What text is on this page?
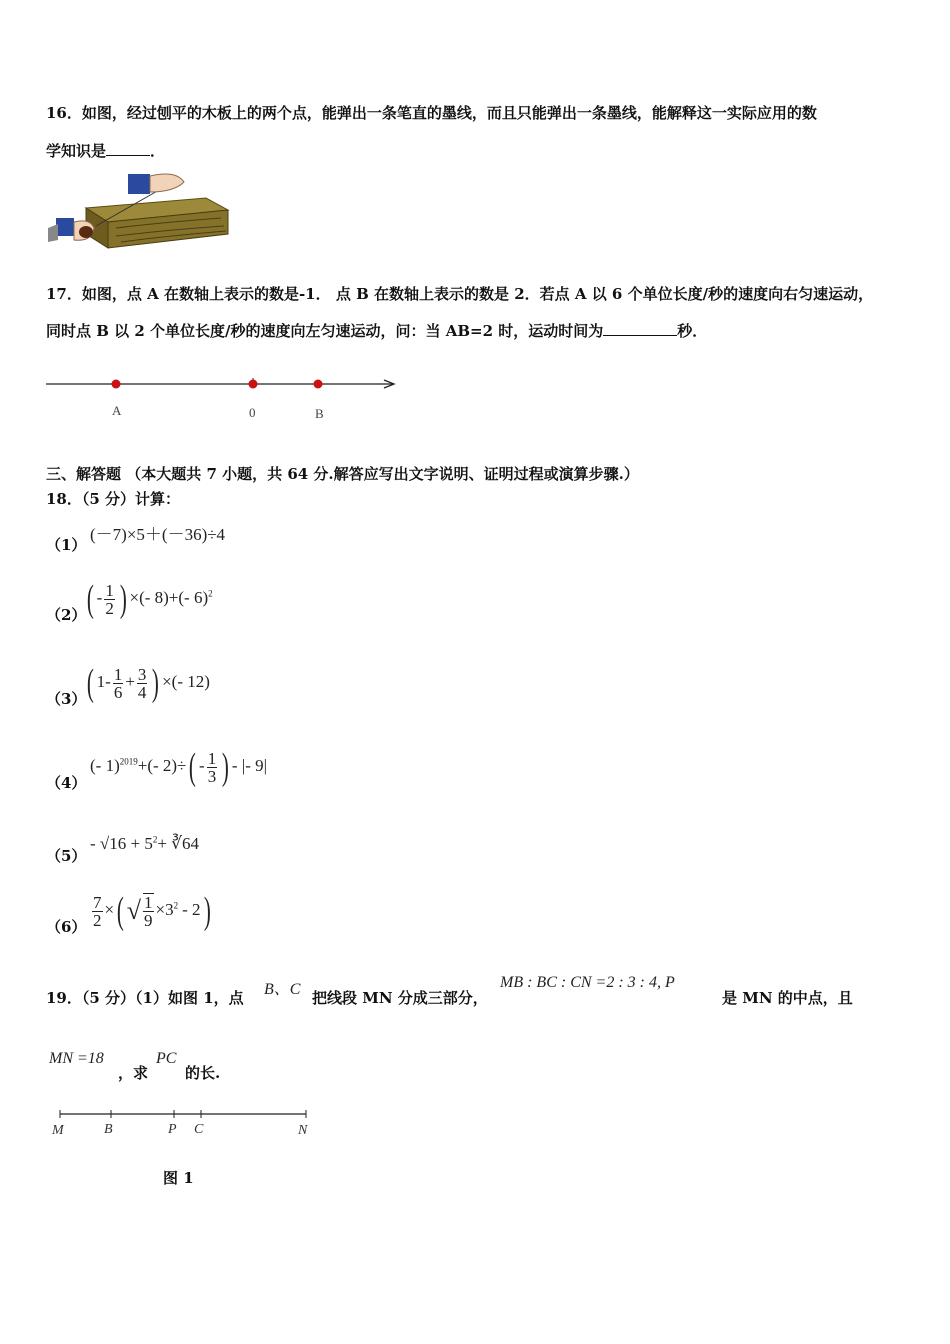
16．如图，经过刨平的木板上的两个点，能弹出一条笔直的墨线，而且只能弹出一条墨线，能解释这一实际应用的数
学知识是	．
17．如图，点 A 在数轴上表示的数是-1． 点 B 在数轴上表示的数是 2．若点 A 以 6 个单位长度/秒的速度向右匀速运动，
同时点 B 以 2 个单位长度/秒的速度向左匀速运动，问：当 AB=2 时，运动时间为	秒．
A	0	B
三、解答题 （本大题共 7 小题，共 64 分.解答应写出文字说明、证明过程或演算步骤.）
18．（5 分）计算：
（1）
(－7)×5＋(－36)÷4
（2） ( - $\frac{1}{2}$ ) ×(- 8)+(- 6)$^2$
（3） ( $1- \frac{1}{6} + \frac{3}{4}$ ) ×(- 12)
（4）
(- 1)$^{2019}$+(- $2)\div( - \frac{1}{3}$ ) - |- 9|
（5）
- $√16 + 5^2+$ ∛64
$(6) \frac{7}{2}$ ×( √ $\frac{1}{9} \times 3^2 - 2$)
19．（5 分）（1）如图 1，点 B、C 把线段 MN 分成三部分，
MB : BC : CN =2 : 3 : 4, P
是 MN 的中点，且
MN =18
，求
PC
的长.
M	B	P C	N
图 1
